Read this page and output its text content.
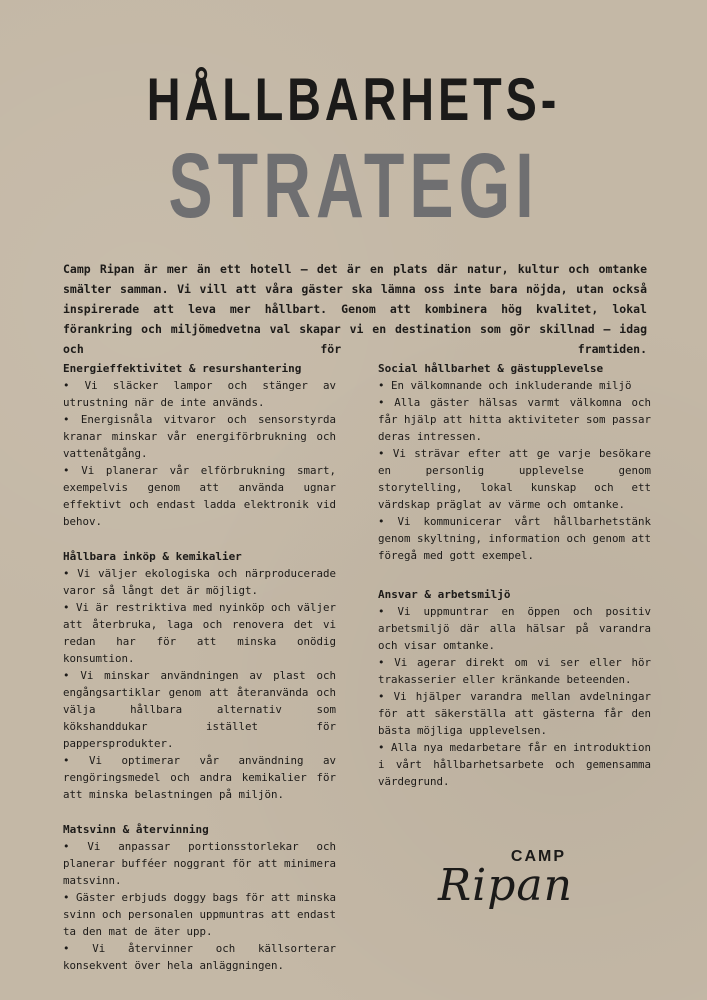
HÅLLBARHETS-
STRATEGI
Camp Ripan är mer än ett hotell – det är en plats där natur, kultur och omtanke smälter samman. Vi vill att våra gäster ska lämna oss inte bara nöjda, utan också inspirerade att leva mer hållbart. Genom att kombinera hög kvalitet, lokal förankring och miljömedvetna val skapar vi en destination som gör skillnad – idag och för framtiden.
Energieffektivitet & resurshantering
• Vi släcker lampor och stänger av utrustning när de inte används.
• Energisnåla vitvaror och sensorstyrda kranar minskar vår energiförbrukning och vattenåtgång.
• Vi planerar vår elförbrukning smart, exempelvis genom att använda ugnar effektivt och endast ladda elektronik vid behov.
Hållbara inköp & kemikalier
• Vi väljer ekologiska och närproducerade varor så långt det är möjligt.
• Vi är restriktiva med nyinköp och väljer att återbruka, laga och renovera det vi redan har för att minska onödig konsumtion.
• Vi minskar användningen av plast och engångsartiklar genom att återanvända och välja hållbara alternativ som kökshanddukar istället för pappersprodukter.
• Vi optimerar vår användning av rengöringsmedel och andra kemikalier för att minska belastningen på miljön.
Matsvinn & återvinning
• Vi anpassar portionsstorlekar och planerar bufféer noggrant för att minimera matsvinn.
• Gäster erbjuds doggy bags för att minska svinn och personalen uppmuntras att endast ta den mat de äter upp.
• Vi återvinner och källsorterar konsekvent över hela anläggningen.
Social hållbarhet & gästupplevelse
• En välkomnande och inkluderande miljö
• Alla gäster hälsas varmt välkomna och får hjälp att hitta aktiviteter som passar deras intressen.
• Vi strävar efter att ge varje besökare en personlig upplevelse genom storytelling, lokal kunskap och ett värdskap präglat av värme och omtanke.
• Vi kommunicerar vårt hållbarhetstänk genom skyltning, information och genom att föregå med gott exempel.
Ansvar & arbetsmiljö
• Vi uppmuntrar en öppen och positiv arbetsmiljö där alla hälsar på varandra och visar omtanke.
• Vi agerar direkt om vi ser eller hör trakasserier eller kränkande beteenden.
• Vi hjälper varandra mellan avdelningar för att säkerställa att gästerna får den bästa möjliga upplevelsen.
• Alla nya medarbetare får en introduktion i vårt hållbarhetsarbete och gemensamma värdegrund.
CAMP
Ripan
